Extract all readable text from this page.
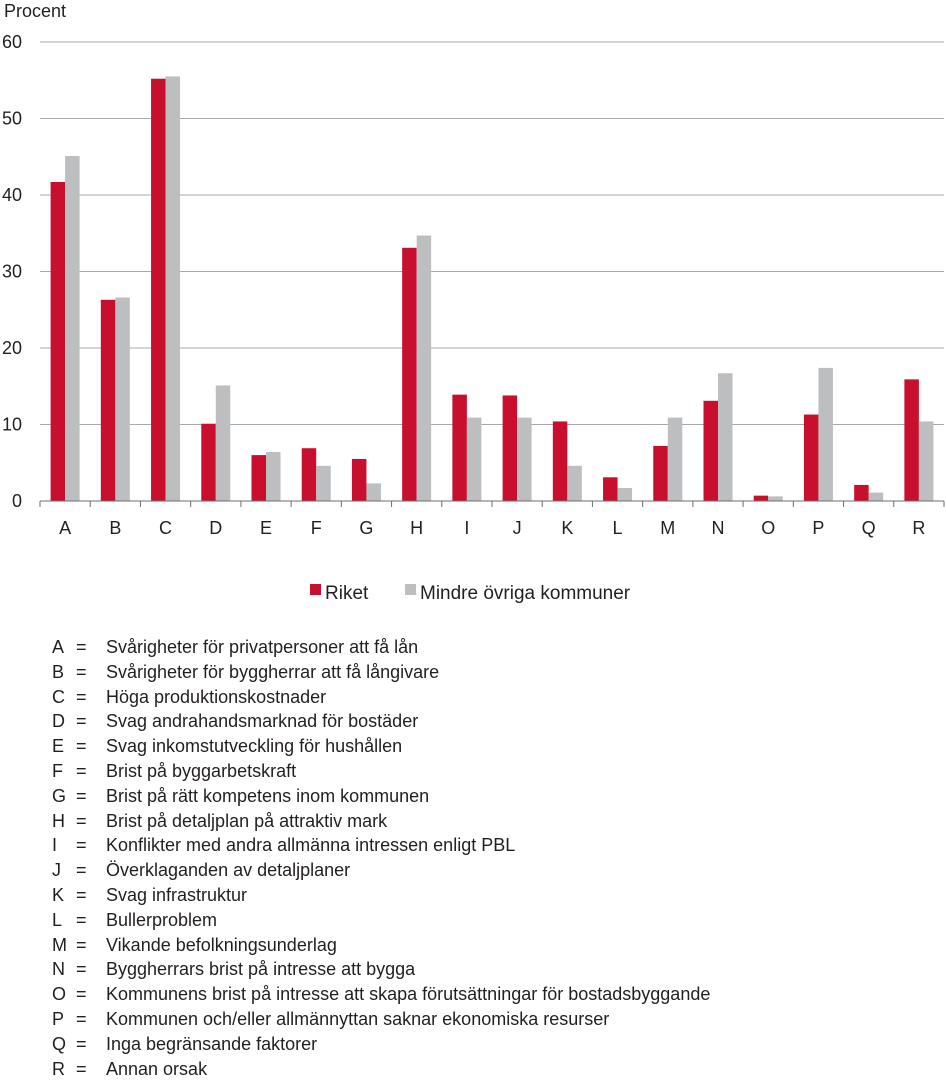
Procent
0
10
20
30
40
50
60
A B C D E F G H I J K L M N O P Q R
Riket	Mindre övriga kommuner
A = Svårigheter för privatpersoner att få lån
B = Svårigheter för byggherrar att få långivare
C = Höga produktionskostnader
D = Svag andrahandsmarknad för bostäder
E = Svag inkomstutveckling för hushållen
F = Brist på byggarbetskraft
G = Brist på rätt kompetens inom kommunen
H = Brist på detaljplan på attraktiv mark
I = Konflikter med andra allmänna intressen enligt PBL
J = Överklaganden av detaljplaner
K = Svag infrastruktur
L = Bullerproblem
M = Vikande befolkningsunderlag
N = Byggherrars brist på intresse att bygga
O = Kommunens brist på intresse att skapa förutsättningar för bostadsbyggande
P = Kommunen och/eller allmännyttan saknar ekonomiska resurser
Q = Inga begränsande faktorer
R = Annan orsak
